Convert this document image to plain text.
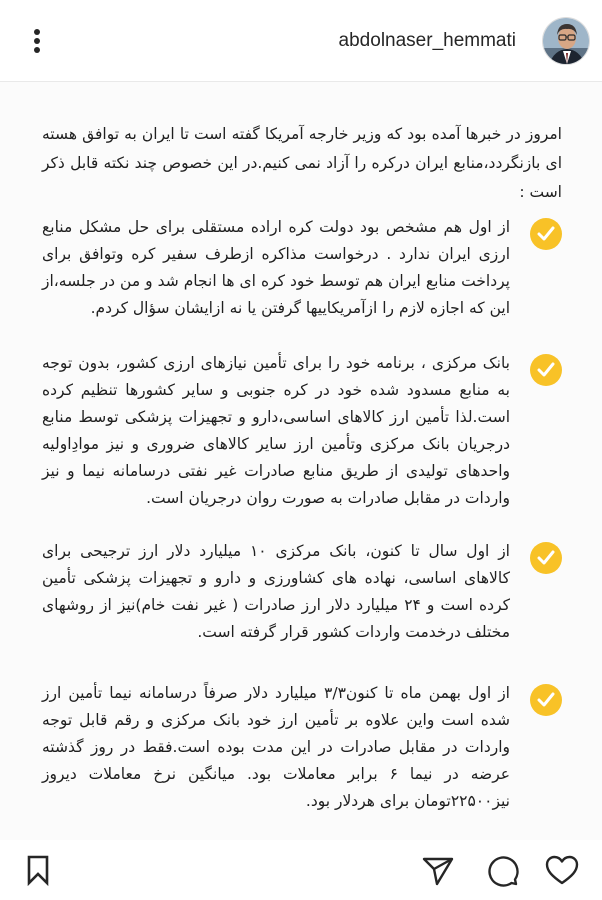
abdolnaser_hemmati

امروز در خبرها آمده بود که وزیر خارجه آمریکا گفته است تا ایران به توافق هسته ای بازنگردد،منابع ایران درکره را آزاد نمی کنیم.در این خصوص چند نکته قابل ذکر است :

از اول هم مشخص بود دولت کره اراده مستقلی برای حل مشکل منابع ارزی ایران ندارد . درخواست مذاکره ازطرف سفیر کره وتوافق برای پرداخت منابع ایران هم توسط خود کره ای ها انجام شد و من در جلسه،از این که اجازه لازم را ازآمریکاییها گرفتن یا نه ازایشان سؤال کردم.

بانک مرکزی ، برنامه خود را برای تأمین نیازهای ارزی کشور، بدون توجه به منابع مسدود شده خود در کره جنوبی و سایر کشورها تنظیم کرده است.لذا تأمین ارز کالاهای اساسی،دارو و تجهیزات پزشکی توسط منابع درجریان بانک مرکزی وتأمین ارز سایر کالاهای ضروری و نیز موادِاولیه واحدهای تولیدی از طریق منابع صادرات غیر نفتی درسامانه نیما و نیز واردات در مقابل صادرات به صورت روان درجریان است.

از اول سال تا کنون، بانک مرکزی ۱۰ میلیارد دلار ارز ترجیحی برای کالاهای اساسی، نهاده های کشاورزی و دارو و تجهیزات پزشکی تأمین کرده است و ۲۴ میلیارد دلار ارز صادرات ( غیر نفت خام)نیز از روشهای مختلف درخدمت واردات کشور قرار گرفته است.

از اول بهمن ماه تا کنون۳/۳ میلیارد دلار صرفاً درسامانه نیما تأمین ارز شده است واین علاوه بر تأمین ارز خود بانک مرکزی و رقم قابل توجه واردات در مقابل صادرات در این مدت بوده است.فقط در روز گذشته عرضه در نیما ۶ برابر معاملات بود. میانگین نرخ معاملات دیروز نیز۲۲۵۰۰تومان برای هردلار بود.
